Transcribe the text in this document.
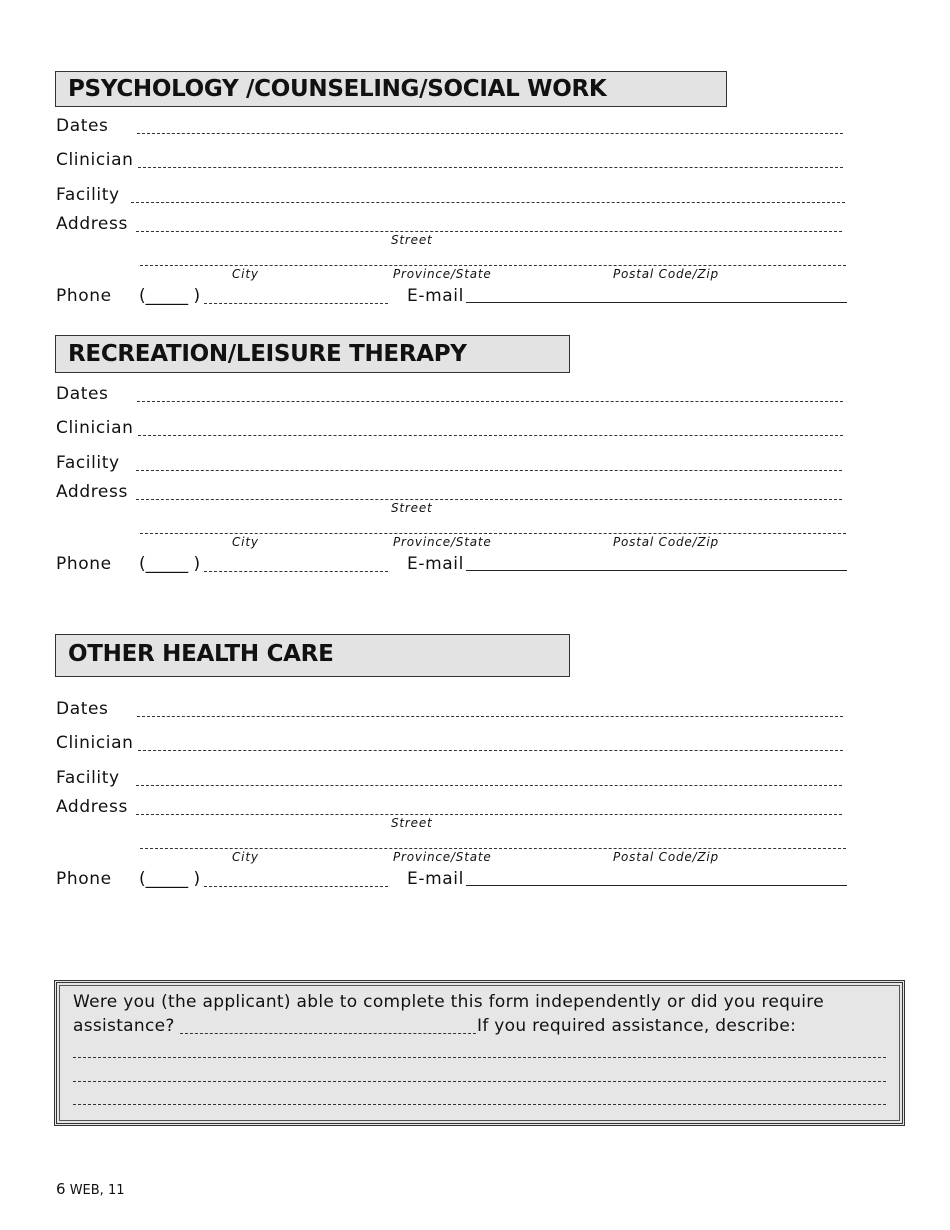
PSYCHOLOGY /COUNSELING/SOCIAL WORK
Dates
Clinician
Facility
Address
Street
City	Province/State	Postal Code/Zip
Phone (_____ )	E-mail
RECREATION/LEISURE THERAPY
Dates
Clinician
Facility
Address
Street
City	Province/State	Postal Code/Zip
Phone (_____ )	E-mail
OTHER HEALTH CARE
Dates
Clinician
Facility
Address
Street
City	Province/State	Postal Code/Zip
Phone (_____ )	E-mail
Were you (the applicant) able to complete this form independently or did you require
assistance?	If you required assistance, describe:
6 WEB, 11
